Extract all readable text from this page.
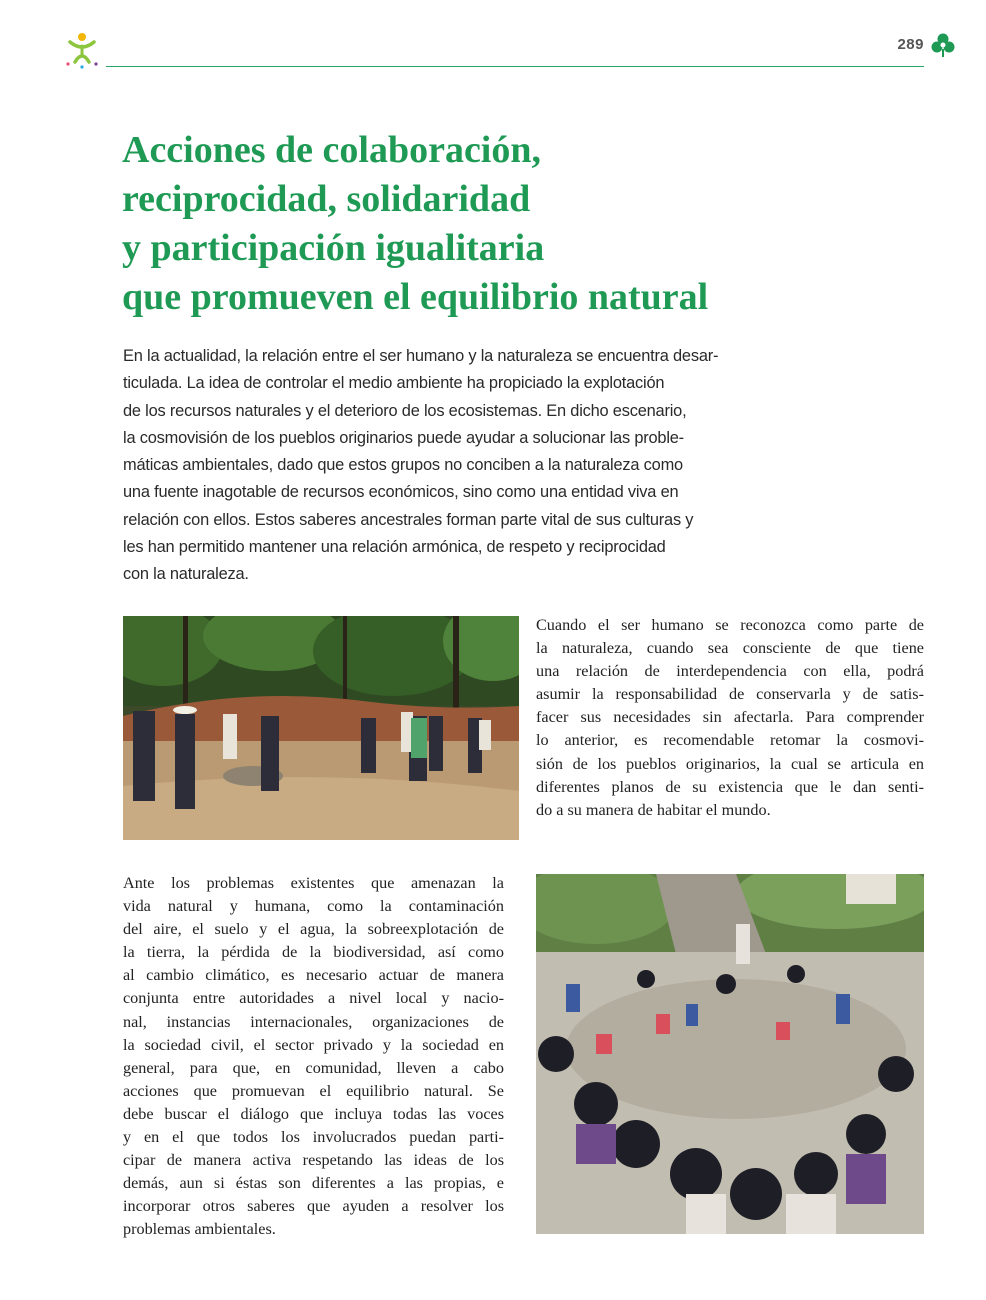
289
Acciones de colaboración,
reciprocidad, solidaridad
y participación igualitaria
que promueven el equilibrio natural
En la actualidad, la relación entre el ser humano y la naturaleza se encuentra desar-
ticulada. La idea de controlar el medio ambiente ha propiciado la explotación
de los recursos naturales y el deterioro de los ecosistemas. En dicho escenario,
la cosmovisión de los pueblos originarios puede ayudar a solucionar las proble-
máticas ambientales, dado que estos grupos no conciben a la naturaleza como
una fuente inagotable de recursos económicos, sino como una entidad viva en
relación con ellos. Estos saberes ancestrales forman parte vital de sus culturas y
les han permitido mantener una relación armónica, de respeto y reciprocidad
con la naturaleza.
Cuando el ser humano se reconozca como parte de
la naturaleza, cuando sea consciente de que tiene
una relación de interdependencia con ella, podrá
asumir la responsabilidad de conservarla y de satis-
facer sus necesidades sin afectarla. Para comprender
lo anterior, es recomendable retomar la cosmovi-
sión de los pueblos originarios, la cual se articula en
diferentes planos de su existencia que le dan senti-
do a su manera de habitar el mundo.
Ante los problemas existentes que amenazan la
vida natural y humana, como la contaminación
del aire, el suelo y el agua, la sobreexplotación de
la tierra, la pérdida de la biodiversidad, así como
al cambio climático, es necesario actuar de manera
conjunta entre autoridades a nivel local y nacio-
nal, instancias internacionales, organizaciones de
la sociedad civil, el sector privado y la sociedad en
general, para que, en comunidad, lleven a cabo
acciones que promuevan el equilibrio natural. Se
debe buscar el diálogo que incluya todas las voces
y en el que todos los involucrados puedan parti-
cipar de manera activa respetando las ideas de los
demás, aun si éstas son diferentes a las propias, e
incorporar otros saberes que ayuden a resolver los
problemas ambientales.
